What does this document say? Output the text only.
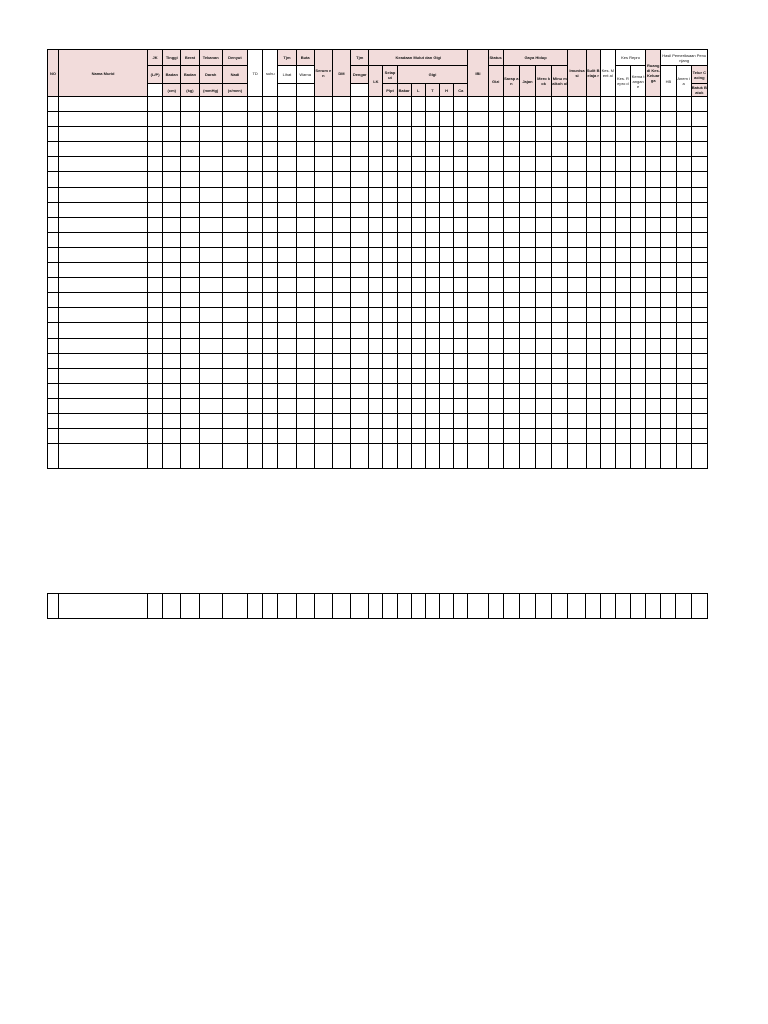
NO	Nama Murid	JK	Tinggi	Berat	Tekanan	Denyut	TD	suhu	Tjm	Buta	Serum en	DM	Tjm	Keadaan Mulut dan Gigi							IBI	Status	Gaya Hidup				Imunisasi	Sulit Belaja r	Kes. Ment al	Kes Repro		Ruang di Kes. Keluarga	Hasil Pemeriksaan Penunjang		
		(L/P)	Badan	Badan	Darah	Nadi			Lihat	Warna			Dengar	LK	Selap ut	Gigi						Gizi	Sarap an	Jajan	Mero kok	Minu m alkoh ol				Kes. Repro d	Kema tangan e		HB	Anem ia	Telur Cacing
			(cm)	(kg)	(mmHg)	(x/men)									Plpt	Bakar	L	T	H	Ca															Batuk Batuk
